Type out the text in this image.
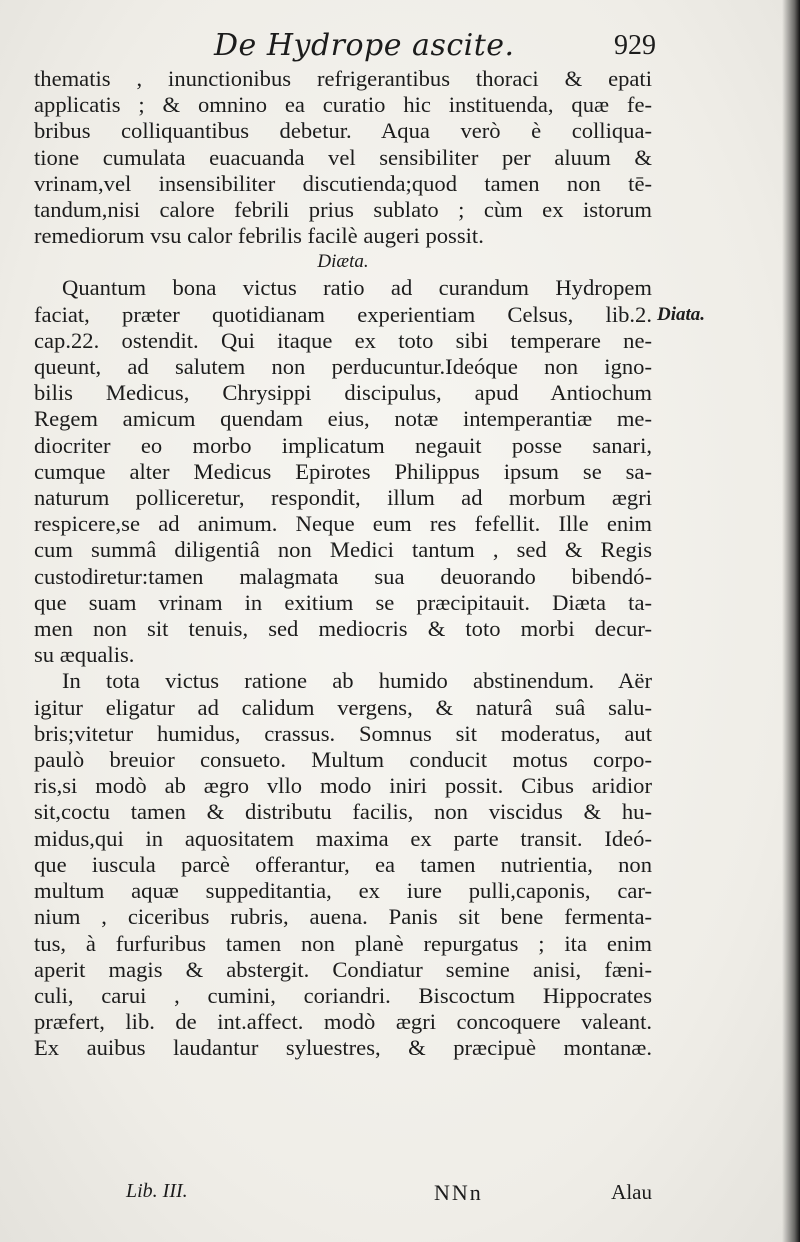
De Hydrope ascite.	929
thematis , inunctionibus refrigerantibus thoraci & epati
applicatis ; & omnino ea curatio hic instituenda, quæ fe-
bribus colliquantibus debetur. Aqua verò è colliqua-
tione cumulata euacuanda vel sensibiliter per aluum &
vrinam,vel insensibiliter discutienda;quod tamen non tē-
tandum,nisi calore febrili prius sublato ; cùm ex istorum
remediorum vsu calor febrilis facilè augeri possit.
Diæta.
Quantum bona victus ratio ad curandum Hydropem
faciat, præter quotidianam experientiam Celsus, lib.2.
cap.22. ostendit. Qui itaque ex toto sibi temperare ne-
queunt, ad salutem non perducuntur.Ideóque non igno-
bilis Medicus, Chrysippi discipulus, apud Antiochum
Regem amicum quendam eius, notæ intemperantiæ me-
diocriter eo morbo implicatum negauit posse sanari,
cumque alter Medicus Epirotes Philippus ipsum se sa-
naturum polliceretur, respondit, illum ad morbum ægri
respicere,se ad animum. Neque eum res fefellit. Ille enim
cum summâ diligentiâ non Medici tantum , sed & Regis
custodiretur:tamen malagmata sua deuorando bibendó-
que suam vrinam in exitium se præcipitauit. Diæta ta-
men non sit tenuis, sed mediocris & toto morbi decur-
su æqualis.
In tota victus ratione ab humido abstinendum. Aër
igitur eligatur ad calidum vergens, & naturâ suâ salu-
bris;vitetur humidus, crassus. Somnus sit moderatus, aut
paulò breuior consueto. Multum conducit motus corpo-
ris,si modò ab ægro vllo modo iniri possit. Cibus aridior
sit,coctu tamen & distributu facilis, non viscidus & hu-
midus,qui in aquositatem maxima ex parte transit. Ideó-
que iuscula parcè offerantur, ea tamen nutrientia, non
multum aquæ suppeditantia, ex iure pulli,caponis, car-
nium , ciceribus rubris, auena. Panis sit bene fermenta-
tus, à furfuribus tamen non planè repurgatus ; ita enim
aperit magis & abstergit. Condiatur semine anisi, fæni-
culi, carui , cumini, coriandri. Biscoctum Hippocrates
præfert, lib. de int.affect. modò ægri concoquere valeant.
Ex auibus laudantur syluestres, & præcipuè montanæ.
Diata.
Lib. III.	NNn	Alau
